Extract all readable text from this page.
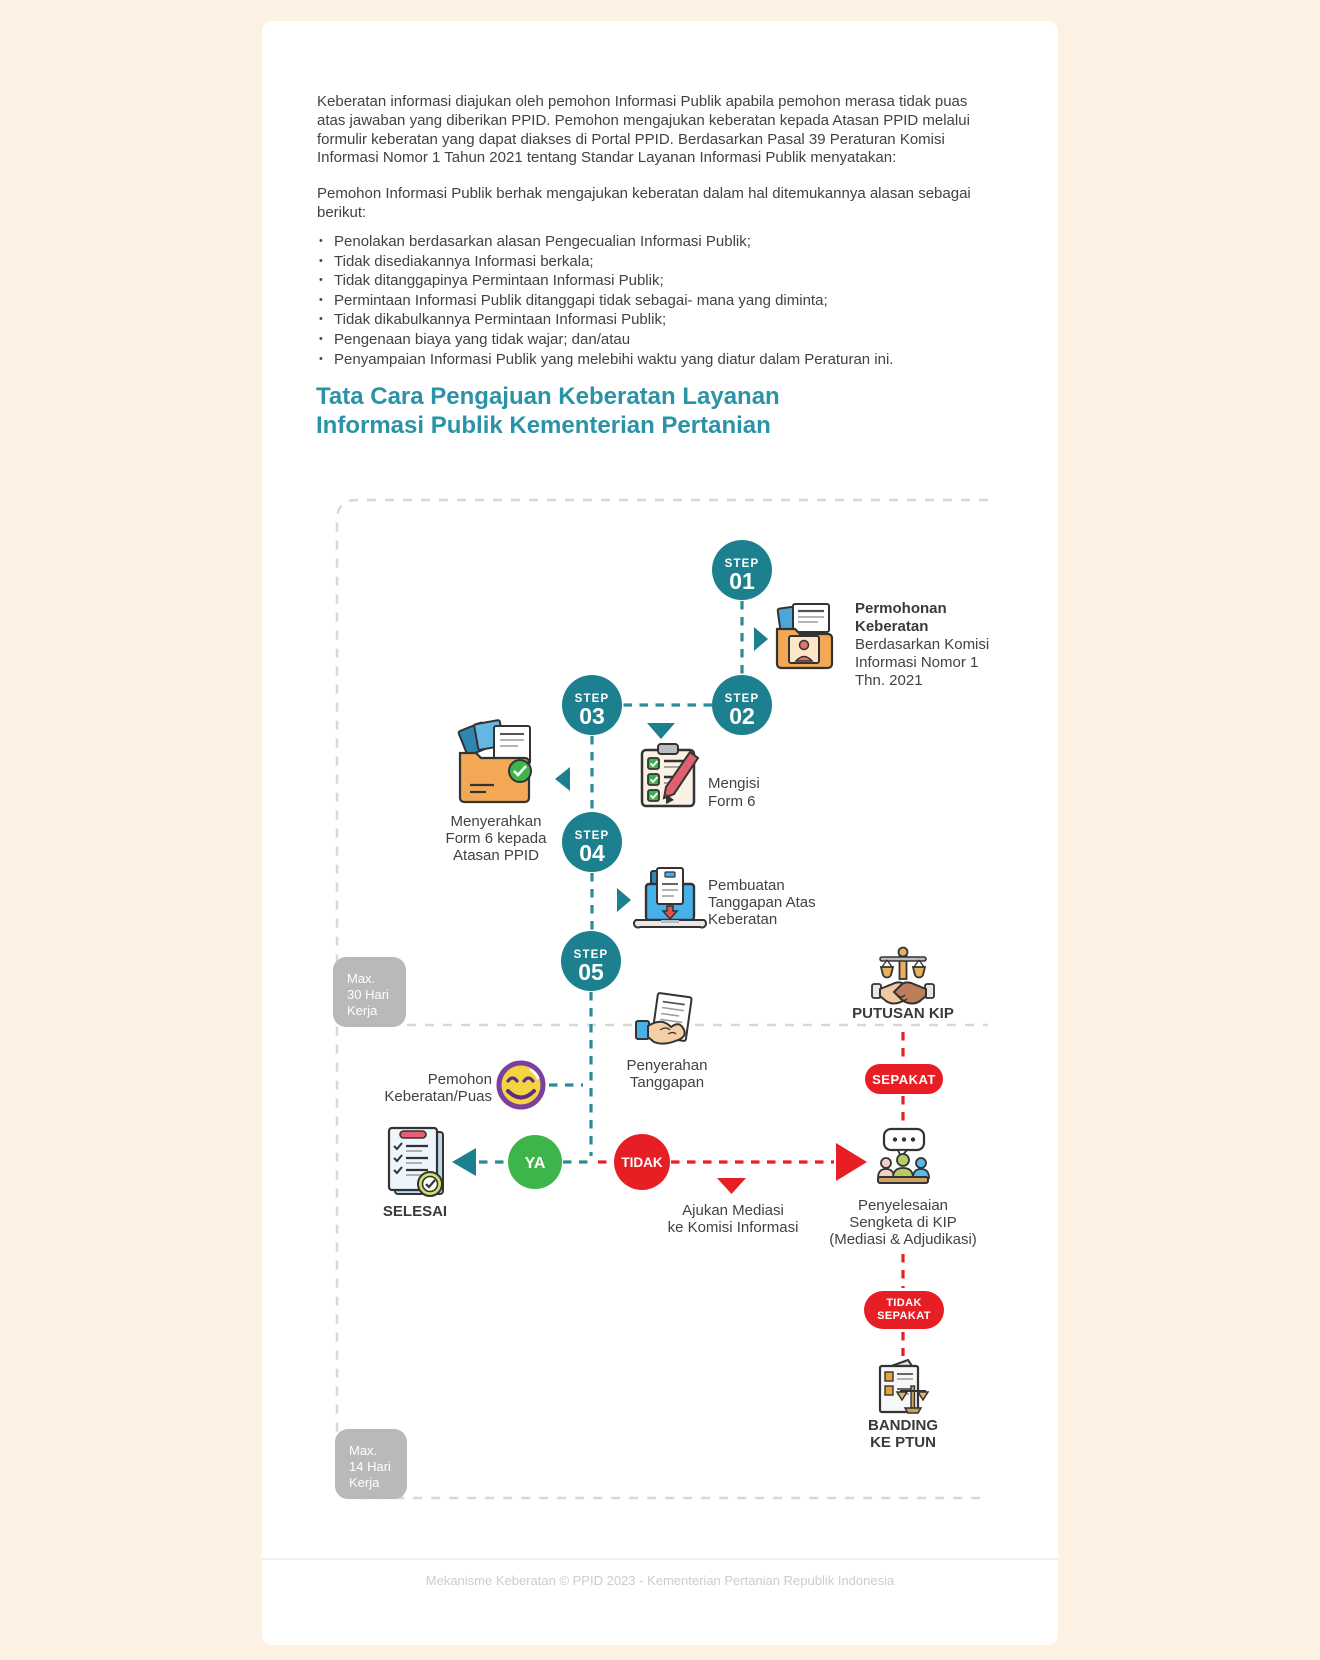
Keberatan informasi diajukan oleh pemohon Informasi Publik apabila pemohon merasa tidak puas atas jawaban yang diberikan PPID. Pemohon mengajukan keberatan kepada Atasan PPID melalui formulir keberatan yang dapat diakses di Portal PPID. Berdasarkan Pasal 39 Peraturan Komisi Informasi Nomor 1 Tahun 2021 tentang Standar Layanan Informasi Publik menyatakan:

Pemohon Informasi Publik berhak mengajukan keberatan dalam hal ditemukannya alasan sebagai berikut:

• Penolakan berdasarkan alasan Pengecualian Informasi Publik;
• Tidak disediakannya Informasi berkala;
• Tidak ditanggapinya Permintaan Informasi Publik;
• Permintaan Informasi Publik ditanggapi tidak sebagai- mana yang diminta;
• Tidak dikabulkannya Permintaan Informasi Publik;
• Pengenaan biaya yang tidak wajar; dan/atau
• Penyampaian Informasi Publik yang melebihi waktu yang diatur dalam Peraturan ini.
Tata Cara Pengajuan Keberatan Layanan
Informasi Publik Kementerian Pertanian
STEP
01
STEP
02
STEP
03
STEP
04
STEP
05
Permohonan
Keberatan
Berdasarkan Komisi
Informasi Nomor 1
Thn. 2021
Mengisi
Form 6
Menyerahkan
Form 6 kepada
Atasan PPID
Pembuatan
Tanggapan Atas
Keberatan
Max.
30 Hari
Kerja
Penyerahan
Tanggapan
Pemohon
Keberatan/Puas
SELESAI
YA	TIDAK
Ajukan Mediasi
ke Komisi Informasi
PUTUSAN KIP
SEPAKAT
Penyelesaian
Sengketa di KIP
(Mediasi & Adjudikasi)
TIDAK
SEPAKAT
BANDING
KE PTUN
Max.
14 Hari
Kerja
Mekanisme Keberatan © PPID 2023 - Kementerian Pertanian Republik Indonesia
